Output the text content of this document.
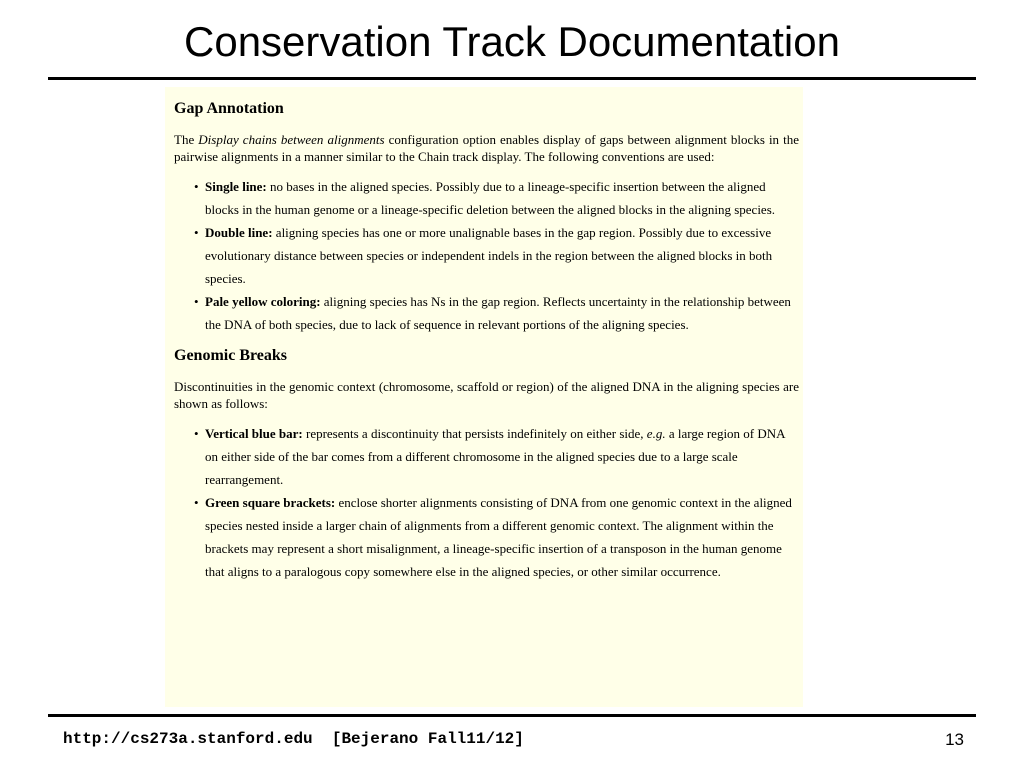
Conservation Track Documentation
Gap Annotation

The Display chains between alignments configuration option enables display of gaps between alignment blocks in the pairwise alignments in a manner similar to the Chain track display. The following conventions are used:

• Single line: no bases in the aligned species. Possibly due to a lineage-specific insertion between the aligned blocks in the human genome or a lineage-specific deletion between the aligned blocks in the aligning species.
• Double line: aligning species has one or more unalignable bases in the gap region. Possibly due to excessive evolutionary distance between species or independent indels in the region between the aligned blocks in both species.
• Pale yellow coloring: aligning species has Ns in the gap region. Reflects uncertainty in the relationship between the DNA of both species, due to lack of sequence in relevant portions of the aligning species.
Genomic Breaks

Discontinuities in the genomic context (chromosome, scaffold or region) of the aligned DNA in the aligning species are shown as follows:

• Vertical blue bar: represents a discontinuity that persists indefinitely on either side, e.g. a large region of DNA on either side of the bar comes from a different chromosome in the aligned species due to a large scale rearrangement.
• Green square brackets: enclose shorter alignments consisting of DNA from one genomic context in the aligned species nested inside a larger chain of alignments from a different genomic context. The alignment within the brackets may represent a short misalignment, a lineage-specific insertion of a transposon in the human genome that aligns to a paralogous copy somewhere else in the aligned species, or other similar occurrence.
http://cs273a.stanford.edu  [Bejerano Fall11/12]	13
